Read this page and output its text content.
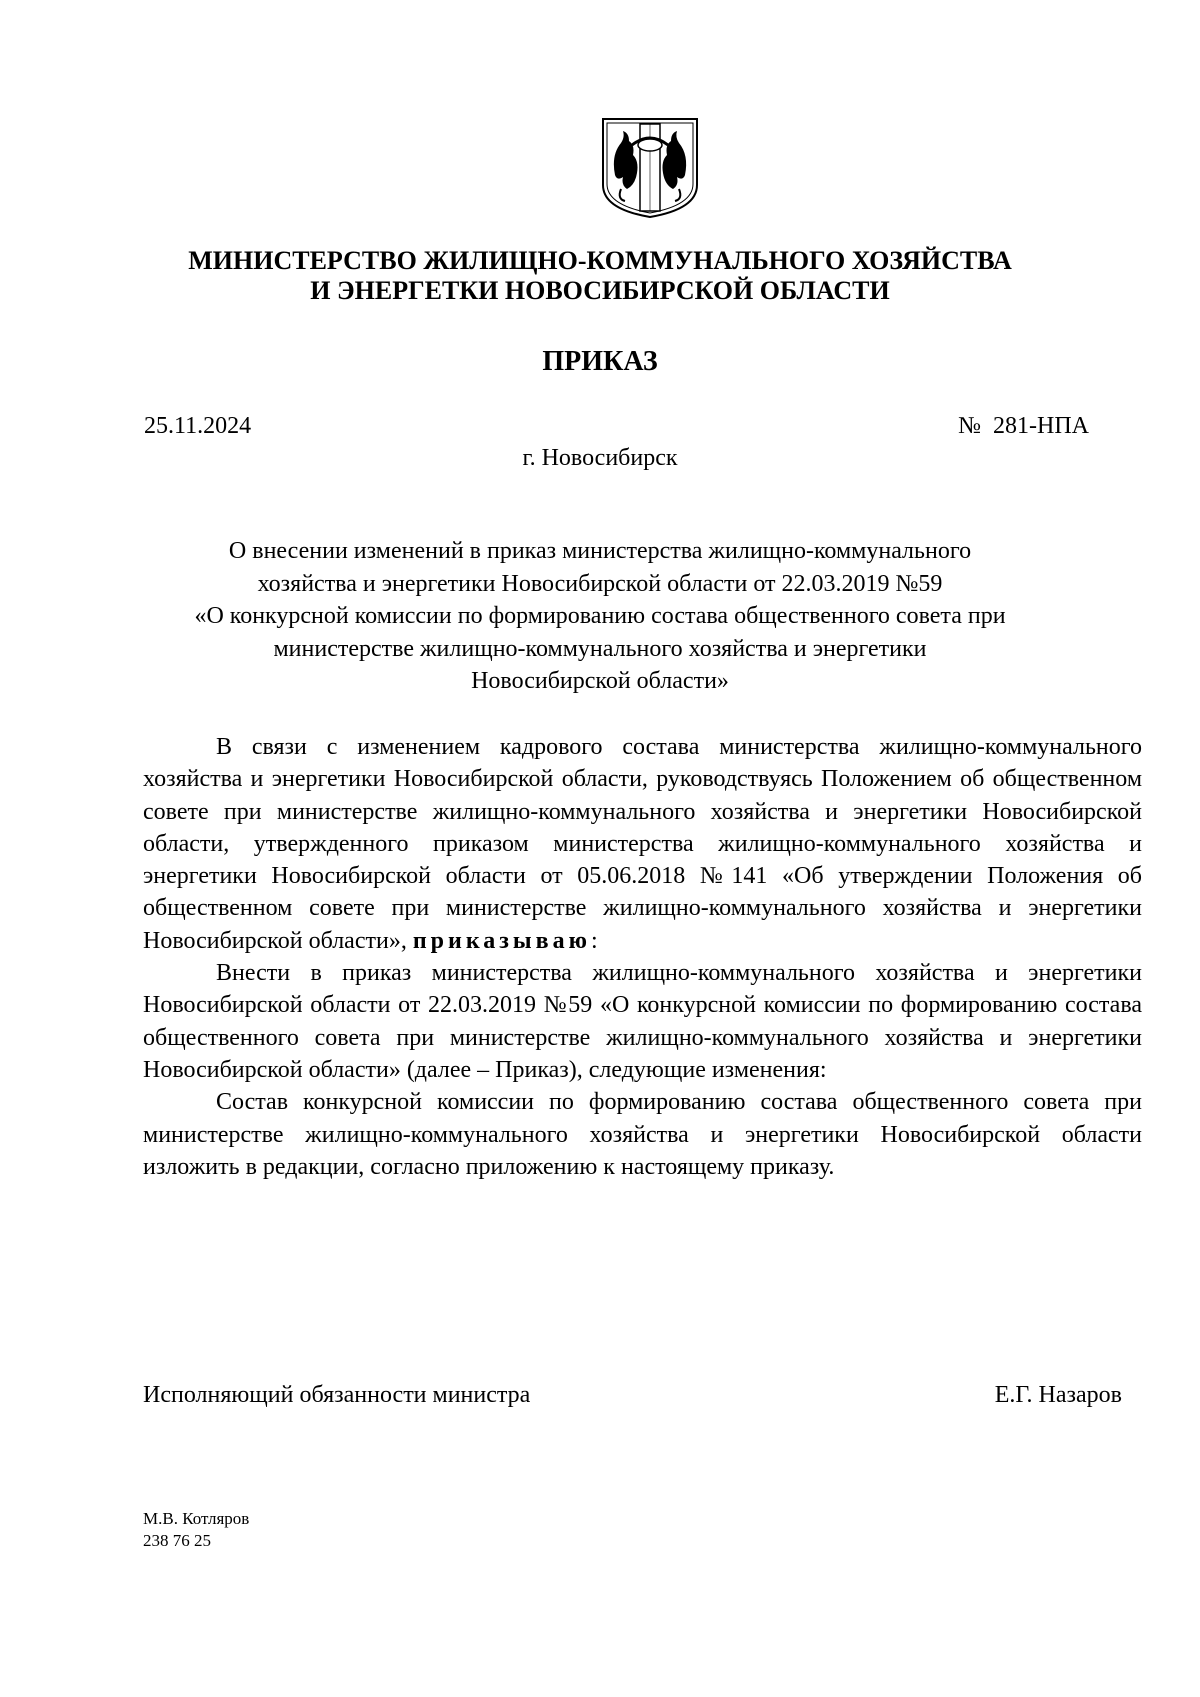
МИНИСТЕРСТВО ЖИЛИЩНО-КОММУНАЛЬНОГО ХОЗЯЙСТВА
И ЭНЕРГЕТКИ НОВОСИБИРСКОЙ ОБЛАСТИ
ПРИКАЗ
25.11.2024	№  281-НПА
г. Новосибирск
О внесении изменений в приказ министерства жилищно-коммунального
хозяйства и энергетики Новосибирской области от 22.03.2019 №59
«О конкурсной комиссии по формированию состава общественного совета при
министерстве жилищно-коммунального хозяйства и энергетики
Новосибирской области»

В связи с изменением кадрового состава министерства жилищно-коммунального хозяйства и энергетики Новосибирской области, руководствуясь Положением об общественном совете при министерстве жилищно-коммунального хозяйства и энергетики Новосибирской области, утвержденного приказом министерства жилищно-коммунального хозяйства и энергетики Новосибирской области от 05.06.2018 №141 «Об утверждении Положения об общественном совете при министерстве жилищно-коммунального хозяйства и энергетики Новосибирской области», приказываю:

Внести в приказ министерства жилищно-коммунального хозяйства и энергетики Новосибирской области от 22.03.2019 №59 «О конкурсной комиссии по формированию состава общественного совета при министерстве жилищно-коммунального хозяйства и энергетики Новосибирской области» (далее – Приказ), следующие изменения:

Состав конкурсной комиссии по формированию состава общественного совета при министерстве жилищно-коммунального хозяйства и энергетики Новосибирской области изложить в редакции, согласно приложению к настоящему приказу.

Исполняющий обязанности министра	Е.Г. Назаров
М.В. Котляров
238 76 25
